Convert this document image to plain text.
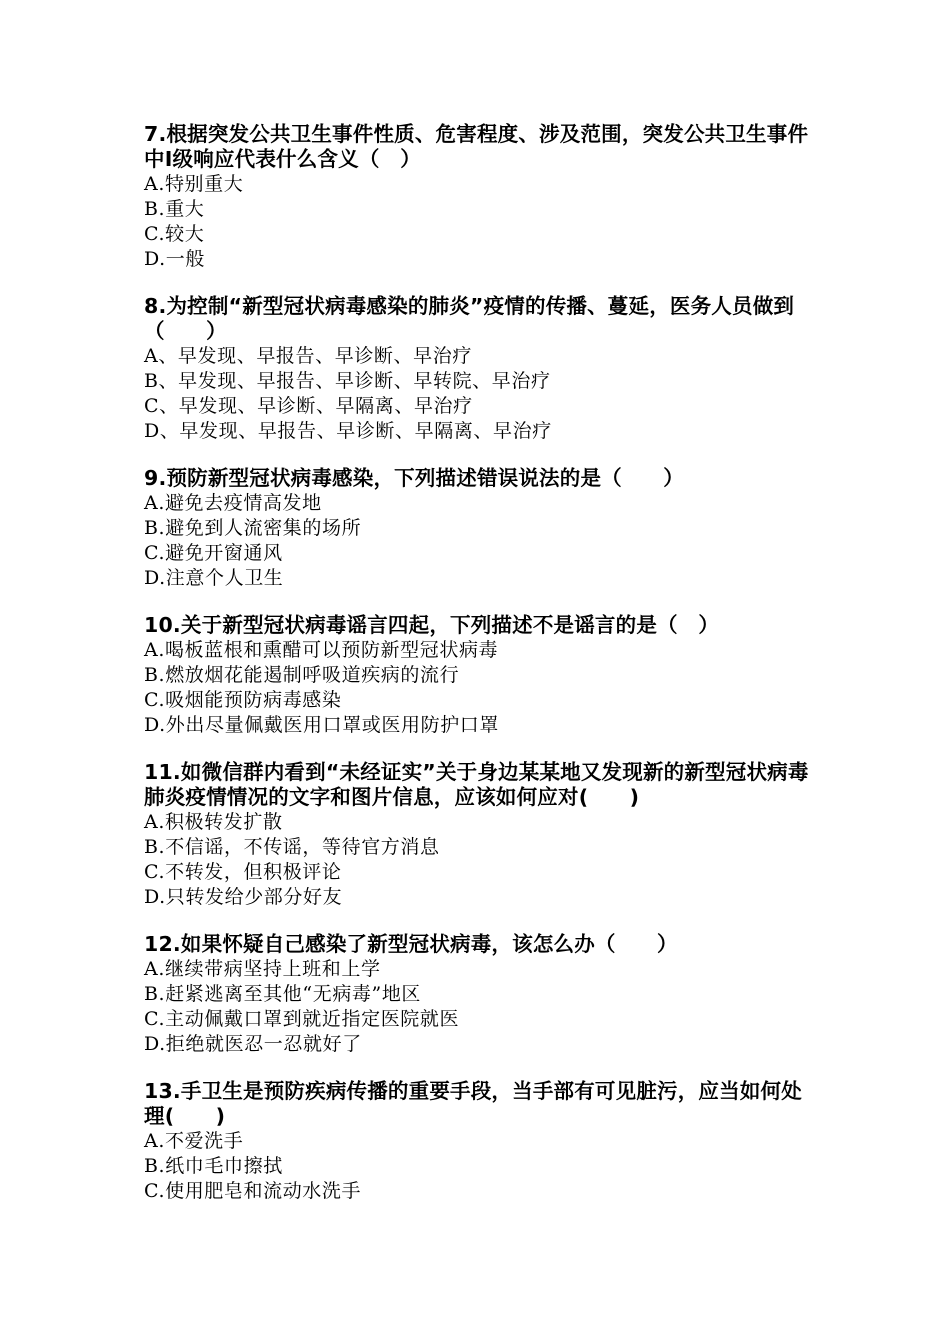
7.根据突发公共卫生事件性质、危害程度、涉及范围，突发公共卫生事件中Ⅰ级响应代表什么含义（　）

A.特别重大
B.重大
C.较大
D.一般

8.为控制“新型冠状病毒感染的肺炎”疫情的传播、蔓延，医务人员做到（　　）

A、早发现、早报告、早诊断、早治疗
B、早发现、早报告、早诊断、早转院、早治疗
C、早发现、早诊断、早隔离、早治疗
D、早发现、早报告、早诊断、早隔离、早治疗

9.预防新型冠状病毒感染，下列描述错误说法的是（　　）

A.避免去疫情高发地
B.避免到人流密集的场所
C.避免开窗通风
D.注意个人卫生

10.关于新型冠状病毒谣言四起，下列描述不是谣言的是（　）

A.喝板蓝根和熏醋可以预防新型冠状病毒
B.燃放烟花能遏制呼吸道疾病的流行
C.吸烟能预防病毒感染
D.外出尽量佩戴医用口罩或医用防护口罩

11.如微信群内看到“未经证实”关于身边某某地又发现新的新型冠状病毒肺炎疫情情况的文字和图片信息，应该如何应对(　　)

A.积极转发扩散
B.不信谣，不传谣，等待官方消息
C.不转发，但积极评论
D.只转发给少部分好友

12.如果怀疑自己感染了新型冠状病毒，该怎么办（　　）

A.继续带病坚持上班和上学
B.赶紧逃离至其他“无病毒”地区
C.主动佩戴口罩到就近指定医院就医
D.拒绝就医忍一忍就好了

13.手卫生是预防疾病传播的重要手段，当手部有可见脏污，应当如何处理(　　)

A.不爱洗手
B.纸巾毛巾擦拭
C.使用肥皂和流动水洗手
